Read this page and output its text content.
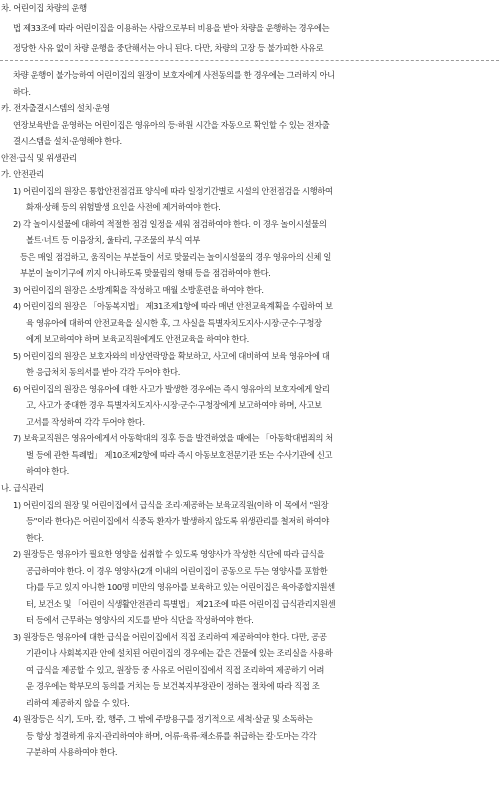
차. 어린이집 차량의 운행
법 제33조에 따라 어린이집을 이용하는 사람으로부터 비용을 받아 차량을 운행하는 경우에는
정당한 사유 없이 차량 운행을 중단해서는 아니 된다. 다만, 차량의 고장 등 불가피한 사유로
차량 운행이 불가능하여 어린이집의 원장이 보호자에게 사전동의를 한 경우에는 그러하지 아니
하다.
카. 전자출결시스템의 설치·운영
연장보육반을 운영하는 어린이집은 영유아의 등·하원 시간을 자동으로 확인할 수 있는 전자출
결시스템을 설치·운영해야 한다.
안전·급식 및 위생관리
가. 안전관리
1) 어린이집의 원장은 통합안전점검표 양식에 따라 일정기간별로 시설의 안전점검을 시행하여
화재·상해 등의 위험발생 요인을 사전에 제거하여야 한다.
2) 각 놀이시설물에 대하여 적절한 점검 일정을 세워 점검하여야 한다. 이 경우 놀이시설물의
볼트·너트 등 이음장치, 울타리, 구조물의 부식 여부
등은 매일 점검하고, 움직이는 부분들이 서로 맞물리는 놀이시설물의 경우 영유아의 신체 일
부분이 놀이기구에 끼지 아니하도록 맞물림의 형태 등을 점검하여야 한다.
3) 어린이집의 원장은 소방계획을 작성하고 매월 소방훈련을 하여야 한다.
4) 어린이집의 원장은 「아동복지법」 제31조제1항에 따라 매년 안전교육계획을 수립하여 보
육 영유아에 대하여 안전교육을 실시한 후, 그 사실을 특별자치도지사·시장·군수·구청장
에게 보고하여야 하며 보육교직원에게도 안전교육을 하여야 한다.
5) 어린이집의 원장은 보호자와의 비상연락망을 확보하고, 사고에 대비하여 보육 영유아에 대
한 응급처치 동의서를 받아 각각 두어야 한다.
6) 어린이집의 원장은 영유아에 대한 사고가 발생한 경우에는 즉시 영유아의 보호자에게 알리
고, 사고가 중대한 경우 특별자치도지사·시장·군수·구청장에게 보고하여야 하며, 사고보
고서를 작성하여 각각 두어야 한다.
7) 보육교직원은 영유아에게서 아동학대의 징후 등을 발견하였을 때에는 「아동학대범죄의 처
벌 등에 관한 특례법」 제10조제2항에 따라 즉시 아동보호전문기관 또는 수사기관에 신고
하여야 한다.
나. 급식관리
1) 어린이집의 원장 및 어린이집에서 급식을 조리·제공하는 보육교직원(이하 이 목에서 "원장
등"이라 한다)은 어린이집에서 식중독 환자가 발생하지 않도록 위생관리를 철저히 하여야
한다.
2) 원장등은 영유아가 필요한 영양을 섭취할 수 있도록 영양사가 작성한 식단에 따라 급식을
공급하여야 한다. 이 경우 영양사(2개 이내의 어린이집이 공동으로 두는 영양사를 포함한
다)를 두고 있지 아니한 100명 미만의 영유아를 보육하고 있는 어린이집은 육아종합지원센
터, 보건소 및 「어린이 식생활안전관리 특별법」 제21조에 따른 어린이집 급식관리지원센
터 등에서 근무하는 영양사의 지도를 받아 식단을 작성하여야 한다.
3) 원장등은 영유아에 대한 급식을 어린이집에서 직접 조리하여 제공하여야 한다. 다만, 공공
기관이나 사회복지관 안에 설치된 어린이집의 경우에는 같은 건물에 있는 조리실을 사용하
여 급식을 제공할 수 있고, 원장등 중 사유로 어린이집에서 직접 조리하여 제공하기 어려
운 경우에는 학부모의 동의를 거치는 등 보건복지부장관이 정하는 절차에 따라 직접 조
리하여 제공하지 않을 수 있다.
4) 원장등은 식기, 도마, 칼, 행주, 그 밖에 주방용구를 정기적으로 세척·살균 및 소독하는
등 항상 청결하게 유지·관리하여야 하며, 어류·육류·채소류를 취급하는 칼·도마는 각각
구분하여 사용하여야 한다.
